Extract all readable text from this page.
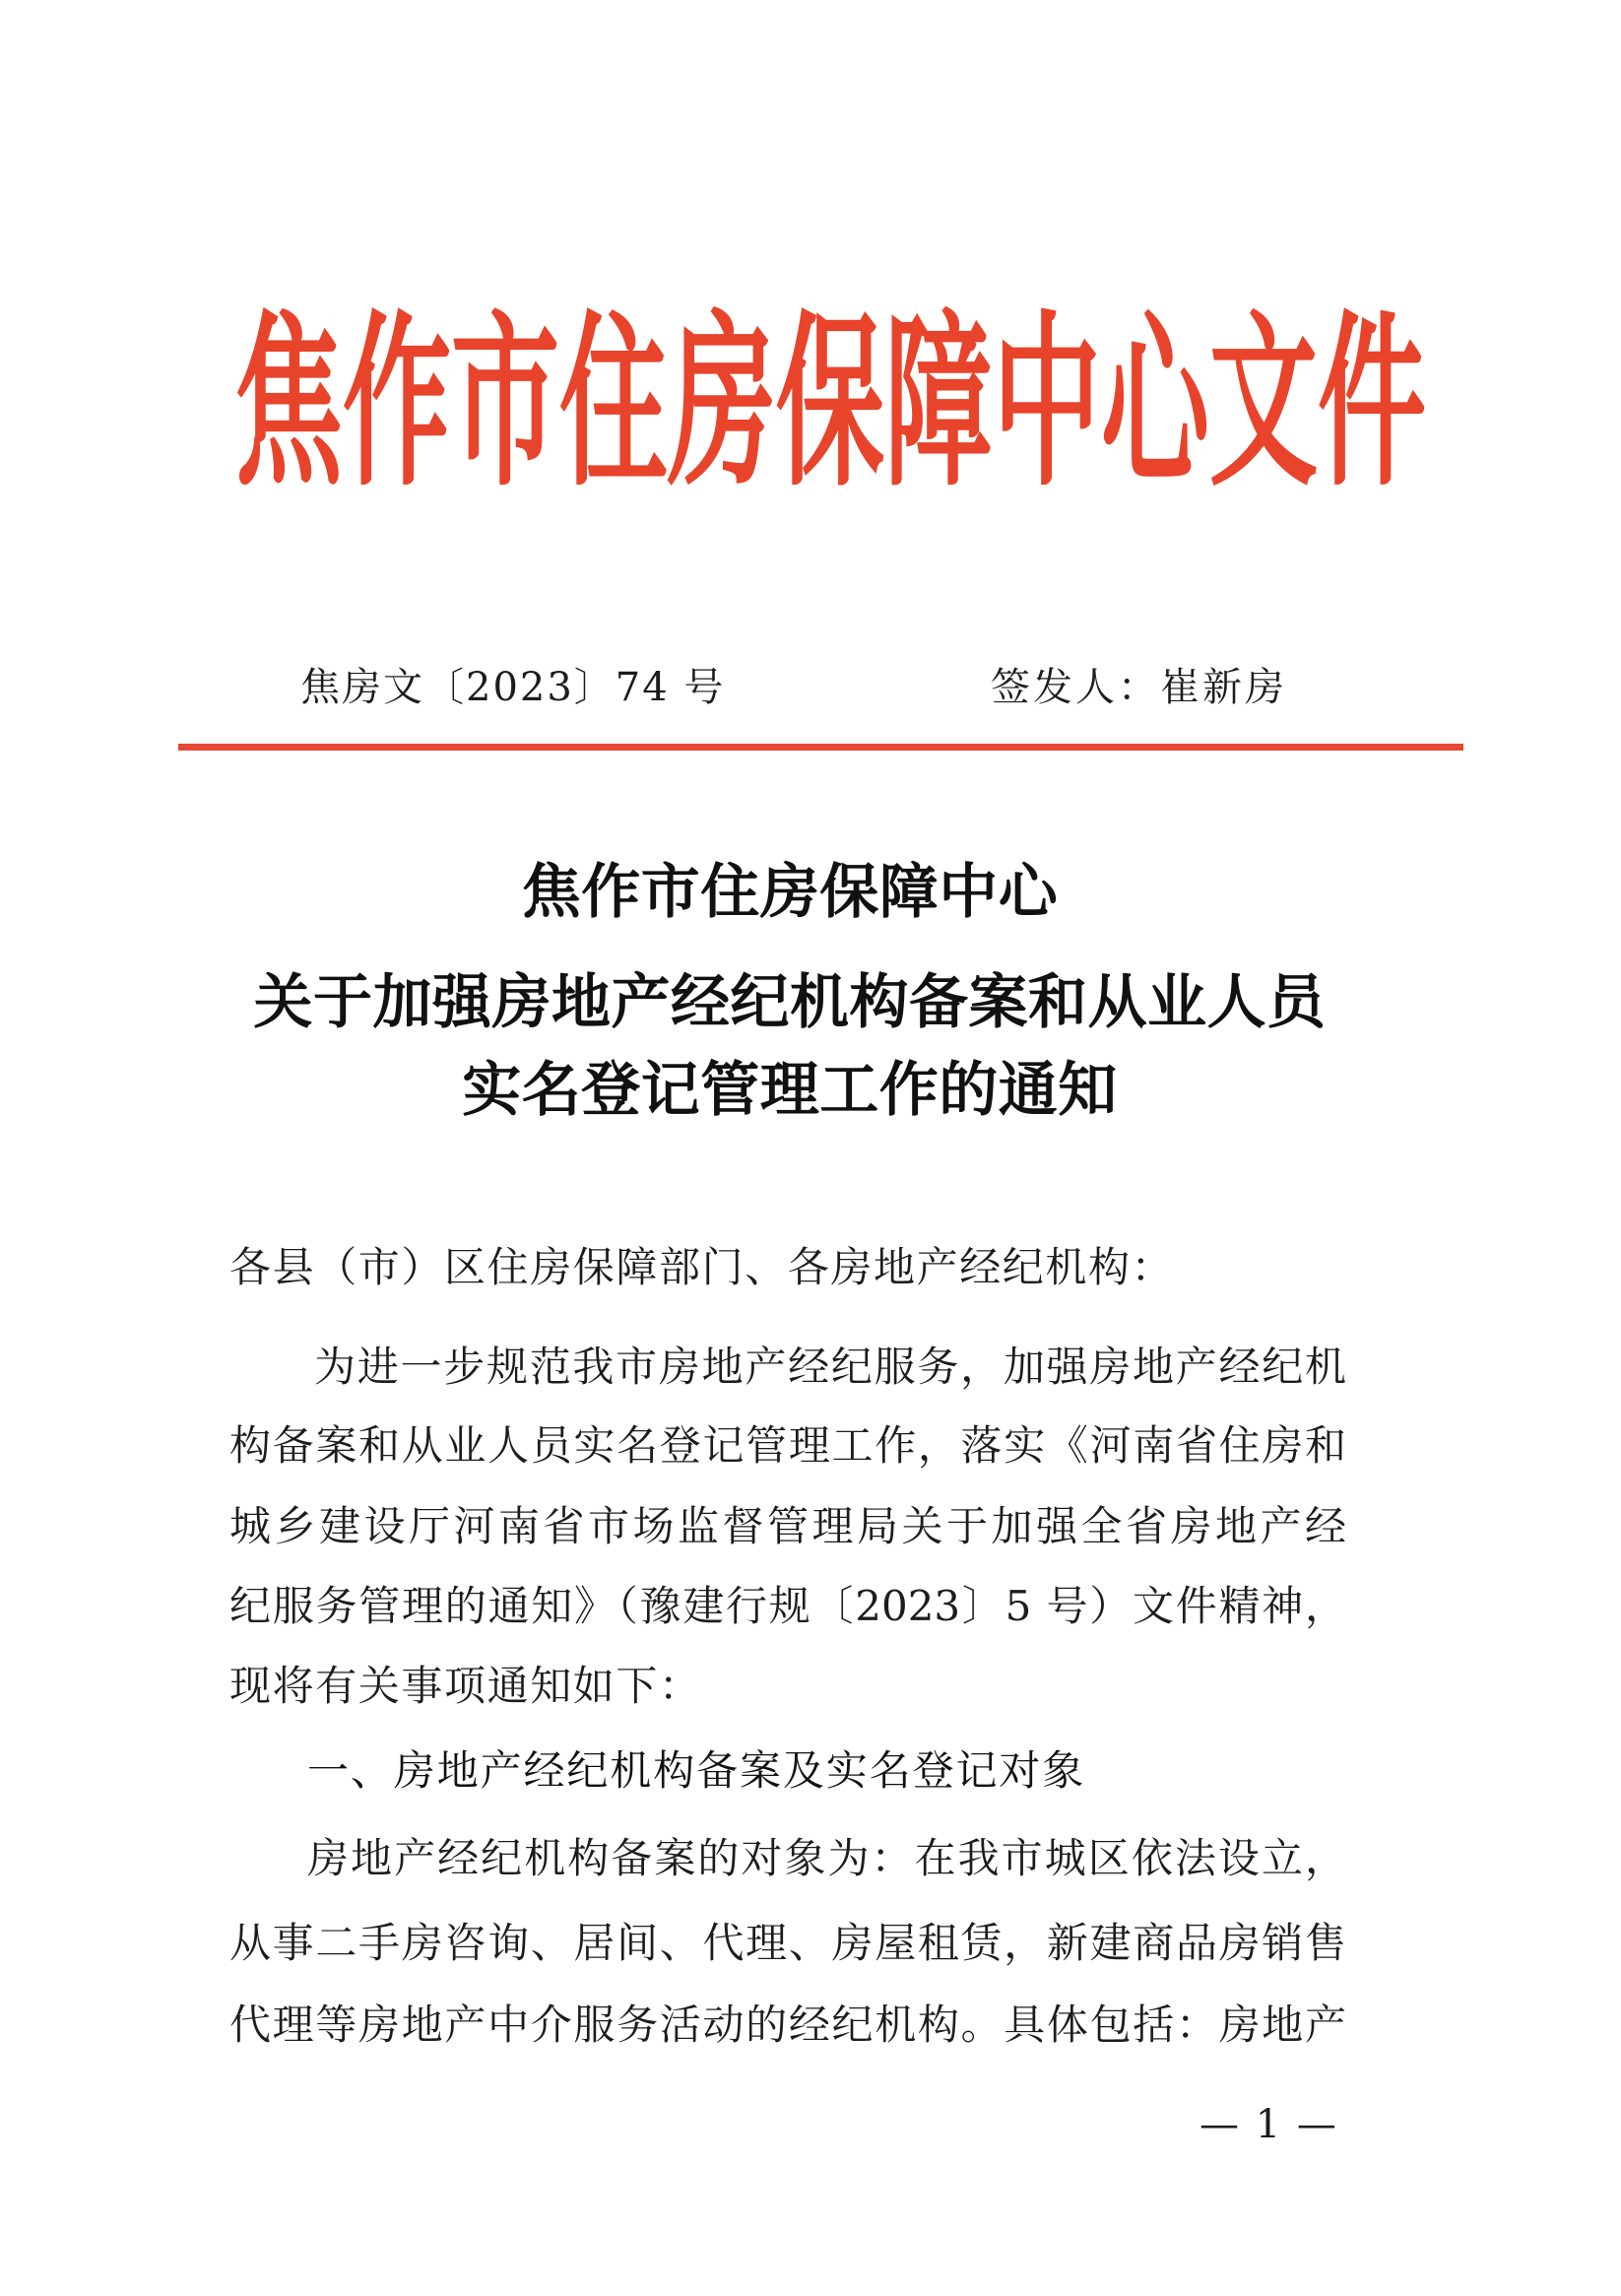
焦作市住房保障中心文件
焦房文〔2023〕74 号	签发人：崔新房
焦作市住房保障中心
关于加强房地产经纪机构备案和从业人员
实名登记管理工作的通知
各县（市）区住房保障部门、各房地产经纪机构：
为进一步规范我市房地产经纪服务，加强房地产经纪机
构备案和从业人员实名登记管理工作，落实《河南省住房和
城乡建设厅河南省市场监督管理局关于加强全省房地产经
纪服务管理的通知》（豫建行规〔2023〕5 号）文件精神，
现将有关事项通知如下：
一、房地产经纪机构备案及实名登记对象
房地产经纪机构备案的对象为：在我市城区依法设立，
从事二手房咨询、居间、代理、房屋租赁，新建商品房销售
代理等房地产中介服务活动的经纪机构。具体包括：房地产
— 1 —
